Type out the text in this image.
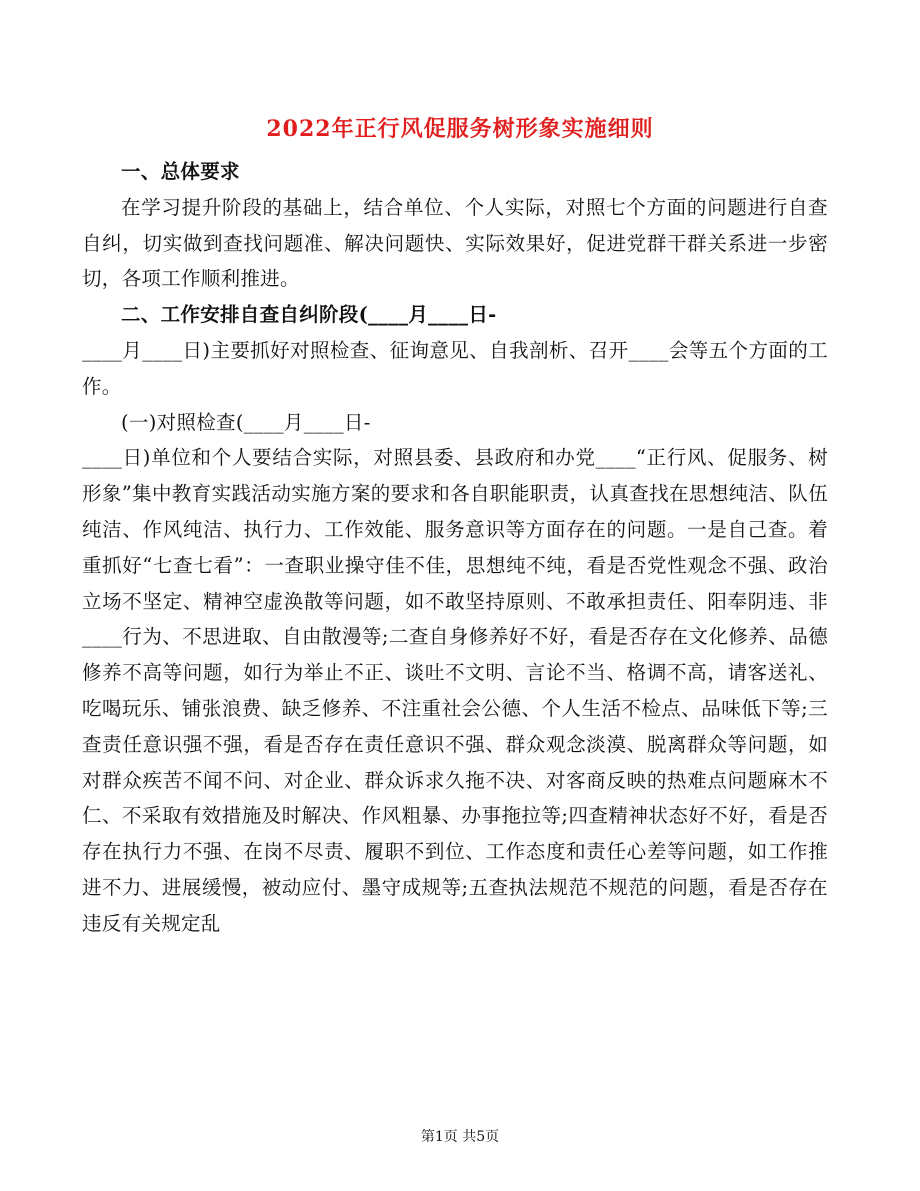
2022年正行风促服务树形象实施细则

一、总体要求

在学习提升阶段的基础上，结合单位、个人实际，对照七个方面的问题进行自查自纠，切实做到查找问题准、解决问题快、实际效果好，促进党群干群关系进一步密切，各项工作顺利推进。

二、工作安排自查自纠阶段(____月____日-

____月____日)主要抓好对照检查、征询意见、自我剖析、召开____会等五个方面的工作。

(一)对照检查(____月____日-

____日)单位和个人要结合实际，对照县委、县政府和办党____“正行风、促服务、树形象”集中教育实践活动实施方案的要求和各自职能职责，认真查找在思想纯洁、队伍纯洁、作风纯洁、执行力、工作效能、服务意识等方面存在的问题。一是自己查。着重抓好“七查七看”：一查职业操守佳不佳，思想纯不纯，看是否党性观念不强、政治立场不坚定、精神空虚涣散等问题，如不敢坚持原则、不敢承担责任、阳奉阴违、非____行为、不思进取、自由散漫等;二查自身修养好不好，看是否存在文化修养、品德修养不高等问题，如行为举止不正、谈吐不文明、言论不当、格调不高，请客送礼、吃喝玩乐、铺张浪费、缺乏修养、不注重社会公德、个人生活不检点、品味低下等;三查责任意识强不强，看是否存在责任意识不强、群众观念淡漠、脱离群众等问题，如对群众疾苦不闻不问、对企业、群众诉求久拖不决、对客商反映的热难点问题麻木不仁、不采取有效措施及时解决、作风粗暴、办事拖拉等;四查精神状态好不好，看是否存在执行力不强、在岗不尽责、履职不到位、工作态度和责任心差等问题，如工作推进不力、进展缓慢，被动应付、墨守成规等;五查执法规范不规范的问题，看是否存在违反有关规定乱

第1页 共5页
